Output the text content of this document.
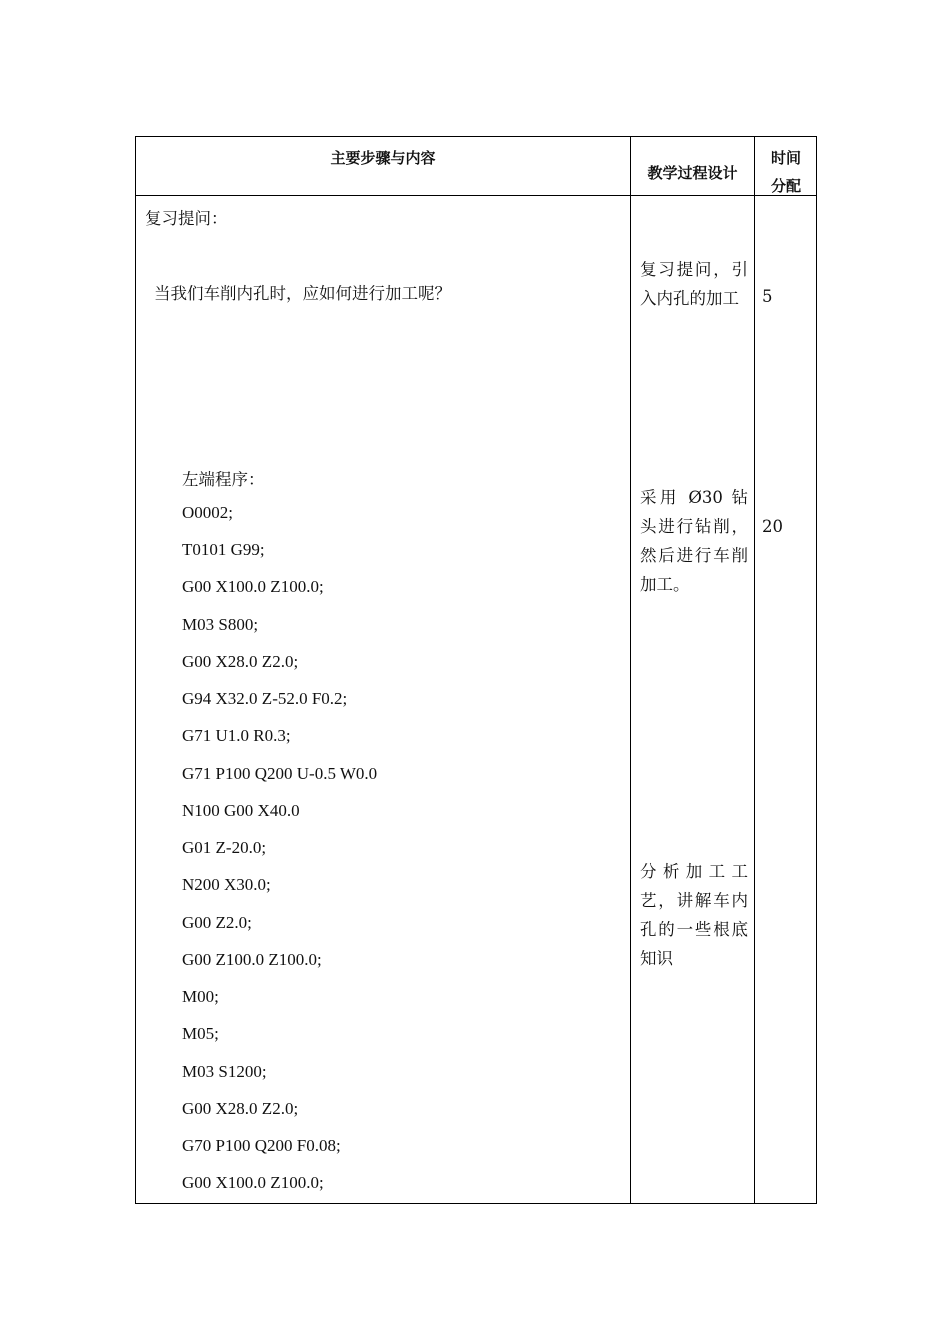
主要步骤与内容
教学过程设计
时间
分配
复习提问：
当我们车削内孔时，应如何进行加工呢？
左端程序：
O0002;
T0101 G99;
G00 X100.0 Z100.0;
M03 S800;
G00 X28.0 Z2.0;
G94 X32.0 Z-52.0 F0.2;
G71 U1.0 R0.3;
G71 P100 Q200 U-0.5 W0.0
N100 G00 X40.0
G01 Z-20.0;
N200 X30.0;
G00 Z2.0;
G00 Z100.0 Z100.0;
M00;
M05;
M03 S1200;
G00 X28.0 Z2.0;
G70 P100 Q200 F0.08;
G00 X100.0 Z100.0;
复习提问，引入内孔的加工
采用 Ø30 钻头进行钻削，然后进行车削加工。
分析加工工艺，讲解车内孔的一些根底知识
5
20
